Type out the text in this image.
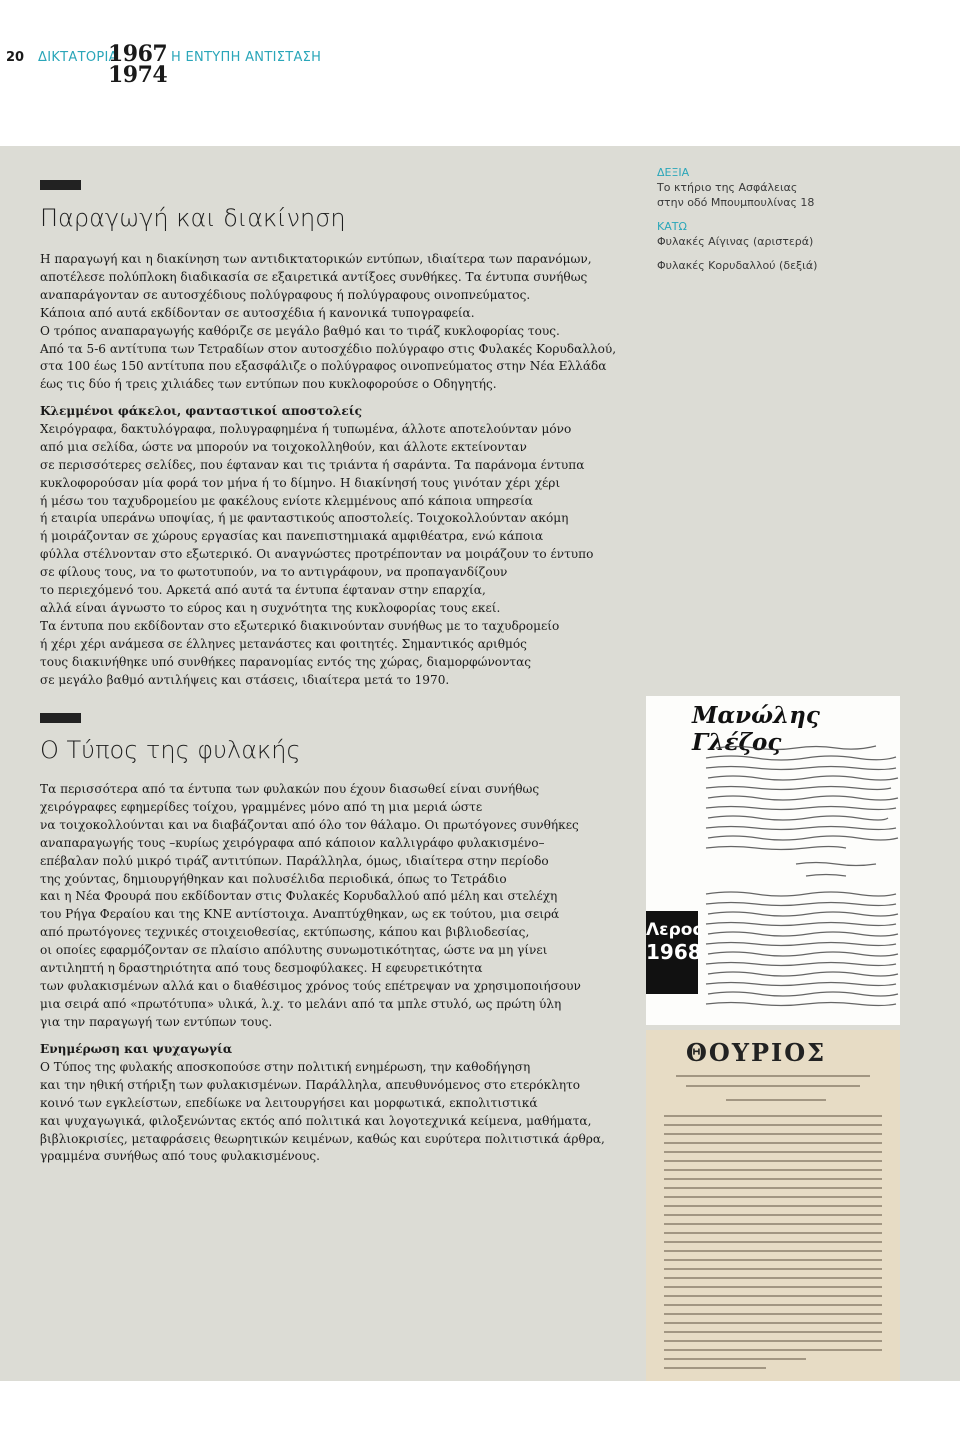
20 ΔΙΚΤΑΤΟΡΙΑ
1967
1974
Η ΕΝΤΥΠΗ ΑΝΤΙΣΤΑΣΗ
Παραγωγή και διακίνηση

Η παραγωγή και η διακίνηση των αντιδικτατορικών εντύπων, ιδιαίτερα των παρανόμων,

αποτέλεσε πολύπλοκη διαδικασία σε εξαιρετικά αντίξοες συνθήκες. Τα έντυπα συνήθως

αναπαράγονταν σε αυτοσχέδιους πολύγραφους ή πολύγραφους οινοπνεύματος.

Κάποια από αυτά εκδίδονταν σε αυτοσχέδια ή κανονικά τυπογραφεία.

Ο τρόπος αναπαραγωγής καθόριζε σε μεγάλο βαθμό και το τιράζ κυκλοφορίας τους.

Από τα 5-6 αντίτυπα των Τετραδίων στον αυτοσχέδιο πολύγραφο στις Φυλακές Κορυδαλλού,

στα 100 έως 150 αντίτυπα που εξασφάλιζε ο πολύγραφος οινοπνεύματος στην Νέα Ελλάδα

έως τις δύο ή τρεις χιλιάδες των εντύπων που κυκλοφορούσε ο Οδηγητής.

Κλεμμένοι φάκελοι, φανταστικοί αποστολείς

Χειρόγραφα, δακτυλόγραφα, πολυγραφημένα ή τυπωμένα, άλλοτε αποτελούνταν μόνο

από μια σελίδα, ώστε να μπορούν να τοιχοκολληθούν, και άλλοτε εκτείνονταν

σε περισσότερες σελίδες, που έφταναν και τις τριάντα ή σαράντα. Τα παράνομα έντυπα

κυκλοφορούσαν μία φορά τον μήνα ή το δίμηνο. Η διακίνησή τους γινόταν χέρι χέρι

ή μέσω του ταχυδρομείου με φακέλους ενίοτε κλεμμένους από κάποια υπηρεσία

ή εταιρία υπεράνω υποψίας, ή με φανταστικούς αποστολείς. Τοιχοκολλούνταν ακόμη

ή μοιράζονταν σε χώρους εργασίας και πανεπιστημιακά αμφιθέατρα, ενώ κάποια

φύλλα στέλνονταν στο εξωτερικό. Οι αναγνώστες προτρέπονταν να μοιράζουν το έντυπο

σε φίλους τους, να το φωτοτυπούν, να το αντιγράφουν, να προπαγανδίζουν

το περιεχόμενό του. Αρκετά από αυτά τα έντυπα έφταναν στην επαρχία,

αλλά είναι άγνωστο το εύρος και η συχνότητα της κυκλοφορίας τους εκεί.

Τα έντυπα που εκδίδονταν στο εξωτερικό διακινούνταν συνήθως με το ταχυδρομείο

ή χέρι χέρι ανάμεσα σε έλληνες μετανάστες και φοιτητές. Σημαντικός αριθμός

τους διακινήθηκε υπό συνθήκες παρανομίας εντός της χώρας, διαμορφώνοντας

σε μεγάλο βαθμό αντιλήψεις και στάσεις, ιδιαίτερα μετά το 1970.

Ο Τύπος της φυλακής

Τα περισσότερα από τα έντυπα των φυλακών που έχουν διασωθεί είναι συνήθως

χειρόγραφες εφημερίδες τοίχου, γραμμένες μόνο από τη μια μεριά ώστε

να τοιχοκολλούνται και να διαβάζονται από όλο τον θάλαμο. Οι πρωτόγονες συνθήκες

αναπαραγωγής τους –κυρίως χειρόγραφα από κάποιον καλλιγράφο φυλακισμένο–

επέβαλαν πολύ μικρό τιράζ αντιτύπων. Παράλληλα, όμως, ιδιαίτερα στην περίοδο

της χούντας, δημιουργήθηκαν και πολυσέλιδα περιοδικά, όπως το Τετράδιο

και η Νέα Φρουρά που εκδίδονταν στις Φυλακές Κορυδαλλού από μέλη και στελέχη

του Ρήγα Φεραίου και της ΚΝΕ αντίστοιχα. Αναπτύχθηκαν, ως εκ τούτου, μια σειρά

από πρωτόγονες τεχνικές στοιχειοθεσίας, εκτύπωσης, κάπου και βιβλιοδεσίας,

οι οποίες εφαρμόζονταν σε πλαίσιο απόλυτης συνωμοτικότητας, ώστε να μη γίνει

αντιληπτή η δραστηριότητα από τους δεσμοφύλακες. Η εφευρετικότητα

των φυλακισμένων αλλά και ο διαθέσιμος χρόνος τούς επέτρεψαν να χρησιμοποιήσουν

μια σειρά από «πρωτότυπα» υλικά, λ.χ. το μελάνι από τα μπλε στυλό, ως πρώτη ύλη

για την παραγωγή των εντύπων τους.

Ενημέρωση και ψυχαγωγία

Ο Τύπος της φυλακής αποσκοπούσε στην πολιτική ενημέρωση, την καθοδήγηση

και την ηθική στήριξη των φυλακισμένων. Παράλληλα, απευθυνόμενος στο ετερόκλητο

κοινό των εγκλείστων, επεδίωκε να λειτουργήσει και μορφωτικά, εκπολιτιστικά

και ψυχαγωγικά, φιλοξενώντας εκτός από πολιτικά και λογοτεχνικά κείμενα, μαθήματα,

βιβλιοκρισίες, μεταφράσεις θεωρητικών κειμένων, καθώς και ευρύτερα πολιτιστικά άρθρα,

γραμμένα συνήθως από τους φυλακισμένους.

ΔΕΞΙΑ
Το κτήριο της Ασφάλειας
στην οδό Μπουμπουλίνας 18
ΚΑΤΩ
Φυλακές Αίγινας (αριστερά)
Φυλακές Κορυδαλλού (δεξιά)
Μανώλης Γλέζος
Λερος
1968
ΘΟΥΡΙΟΣ
